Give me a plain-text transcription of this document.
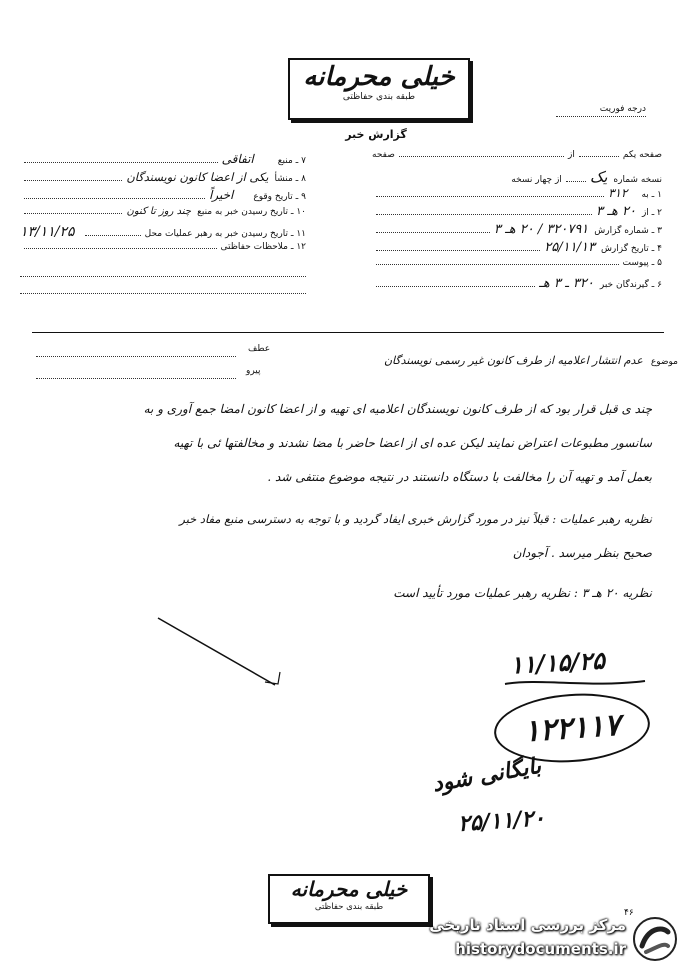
خیلی محرمانه
طبقه بندی حفاظتی
درجه فوریت
گزارش خبر
۷ ـ منبع
اتفاقی
۸ ـ منشأ
یکی از اعضا کانون نویسندگان
۹ ـ تاریخ وقوع
اخیراً
۱۰ ـ تاریخ رسیدن خبر به منبع
چند روز تا کنون
۱۱ ـ تاریخ رسیدن خبر به رهبر عملیات محل
۱۳/۱۱/۲۵
۱۲ ـ ملاحظات حفاظتی
صفحه یکم
از
صفحه
نسخه شماره
یک
از چهار نسخه
۱ ـ به
۳۱۲
۲ ـ از
۲۰ هـ ۳
۳ ـ شماره گزارش
۳۲۰۷۹۱ / ۲۰ هـ ۳
۴ ـ تاریخ گزارش
۲۵/۱۱/۱۳
۵ ـ پیوست
۶ ـ گیرندگان خبر
۳۲۰ ـ ۳ هـ
عطف
پیرو
موضوع
عدم انتشار اعلامیه از طرف کانون غیر رسمی نویسندگان
چند ی قبل قرار بود که از طرف کانون نویسندگان اعلامیه ای تهیه و از اعضا کانون امضا جمع آوری و به
سانسور مطبوعات اعتراض نمایند لیکن عده ای از اعضا حاضر با مضا نشدند و مخالفتها ئی با تهیه
بعمل آمد و تهیه آن را مخالفت با دستگاه دانستند در نتیجه موضوع منتفی شد .
نظریه رهبر عملیات : قبلاً نیز در مورد گزارش خبری ایفاد گردید و با توجه به دسترسی منبع مفاد خبر
صحیح بنظر میرسد . آجودان
نظریه ۲۰ هـ ۳ : نظریه رهبر عملیات مورد تأیید است
۱۱/۱۵/۲۵
۱۲۲۱۱۷
بایگانی شود
۲۵/۱۱/۲۰
خیلی محرمانه
طبقه بندی حفاظتی
۴۶
مرکز بررسی اسناد تاریخی
historydocuments.ir
